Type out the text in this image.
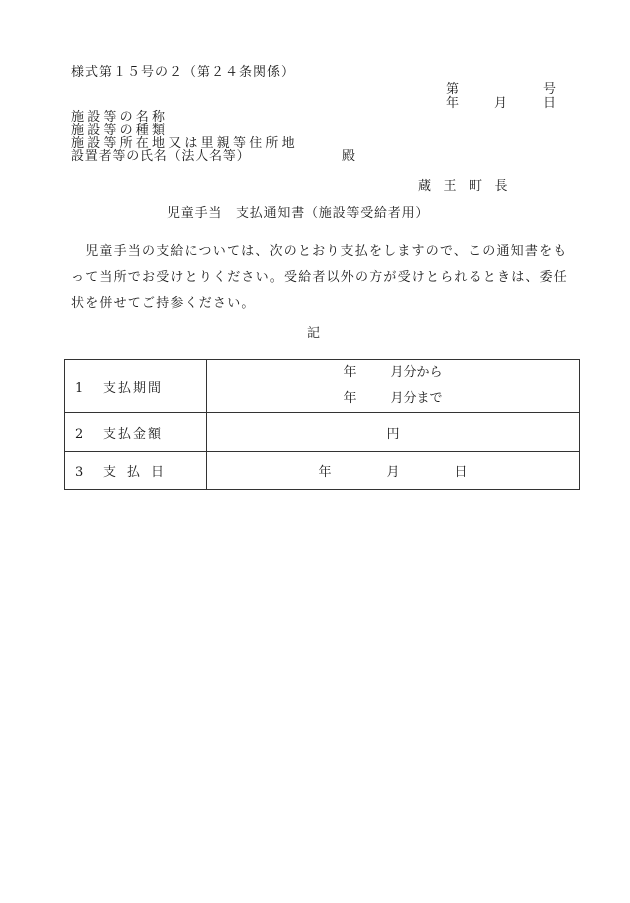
様式第１５号の２（第２４条関係）
第	号
年	月	日
施設等の名称
施設等の種類
施設等所在地又は里親等住所地
設置者等の氏名（法人名等）	殿
蔵王町長
児童手当　支払通知書（施設等受給者用）

　児童手当の支給については、次のとおり支払をしますので、この通知書をもって当所でお受けとりください。受給者以外の方が受けとられるときは、委任状を併せてご持参ください。

記
1 支払期間	年 月分から
年 月分まで

2 支払金額	円
3 支払日	年 月 日
